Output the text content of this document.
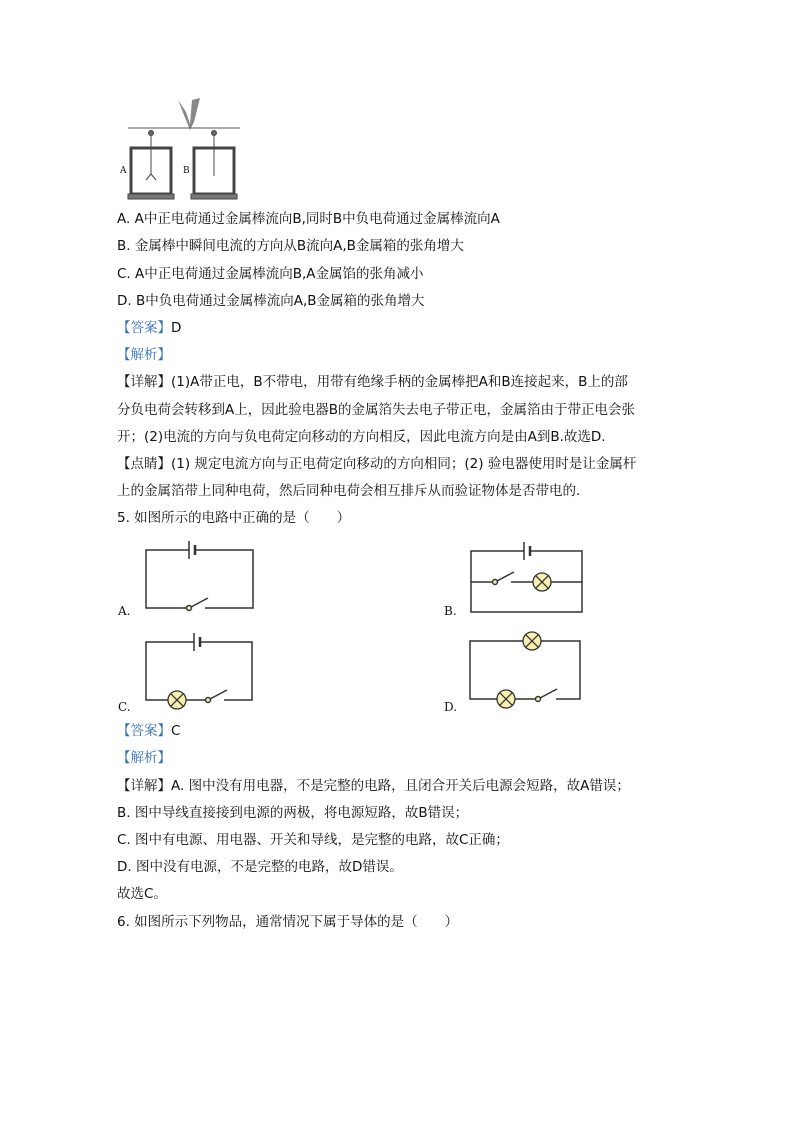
A	B
A. A中正电荷通过金属棒流向B,同时B中负电荷通过金属棒流向A
B. 金属棒中瞬间电流的方向从B流向A,B金属箱的张角增大
C. A中正电荷通过金属棒流向B,A金属馅的张角减小
D. B中负电荷通过金属棒流向A,B金属箱的张角增大
【答案】D
【解析】
【详解】(1)A带正电，B不带电，用带有绝缘手柄的金属棒把A和B连接起来，B上的部
分负电荷会转移到A上，因此验电器B的金属箔失去电子带正电，金属箔由于带正电会张
开；(2)电流的方向与负电荷定向移动的方向相反，因此电流方向是由A到B.故选D.
【点睛】(1) 规定电流方向与正电荷定向移动的方向相同；(2) 验电器使用时是让金属杆
上的金属箔带上同种电荷，然后同种电荷会相互排斥从而验证物体是否带电的.
5. 如图所示的电路中正确的是（　　）
A.	B.
C.	D.
【答案】C
【解析】
【详解】A. 图中没有用电器，不是完整的电路，且闭合开关后电源会短路，故A错误；
B. 图中导线直接接到电源的两极，将电源短路，故B错误；
C. 图中有电源、用电器、开关和导线，是完整的电路，故C正确；
D. 图中没有电源，不是完整的电路，故D错误。
故选C。
6. 如图所示下列物品，通常情况下属于导体的是（　　）
